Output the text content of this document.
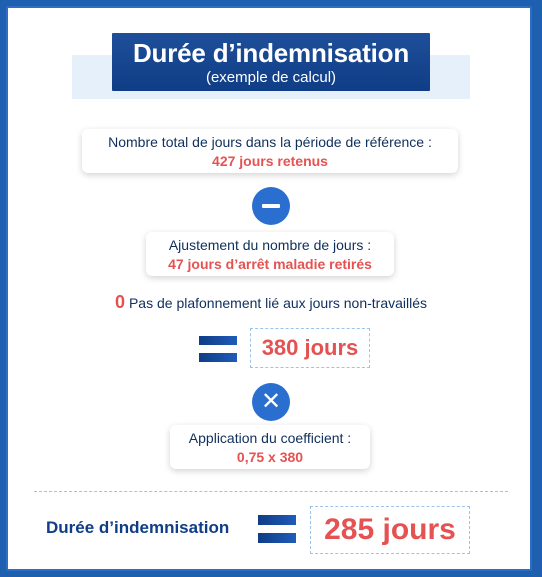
Durée d’indemnisation
(exemple de calcul)
Nombre total de jours dans la période de référence :
427 jours retenus
Ajustement du nombre de jours :
47 jours d’arrêt maladie retirés
0 Pas de plafonnement lié aux jours non-travaillés
380 jours
✕
Application du coefficient :
0,75 x 380
Durée d’indemnisation	285 jours
